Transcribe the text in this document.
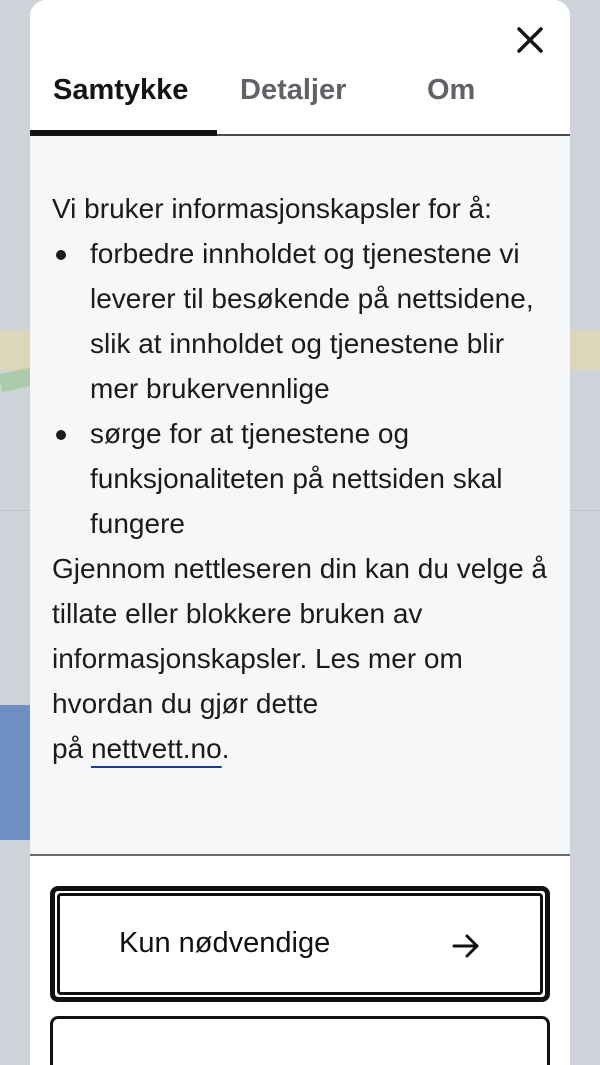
Samtykke Detaljer	Om

Vi bruker informasjonskapsler for å:

forbedre innholdet og tjenestene vi leverer til besøkende på nettsidene, slik at innholdet og tjenestene blir mer brukervennlige
sørge for at tjenestene og funksjonaliteten på nettsiden skal fungere

Gjennom nettleseren din kan du velge å tillate eller blokkere bruken av informasjonskapsler. Les mer om hvordan du gjør dette
på nettvett.no.

Kun nødvendige
